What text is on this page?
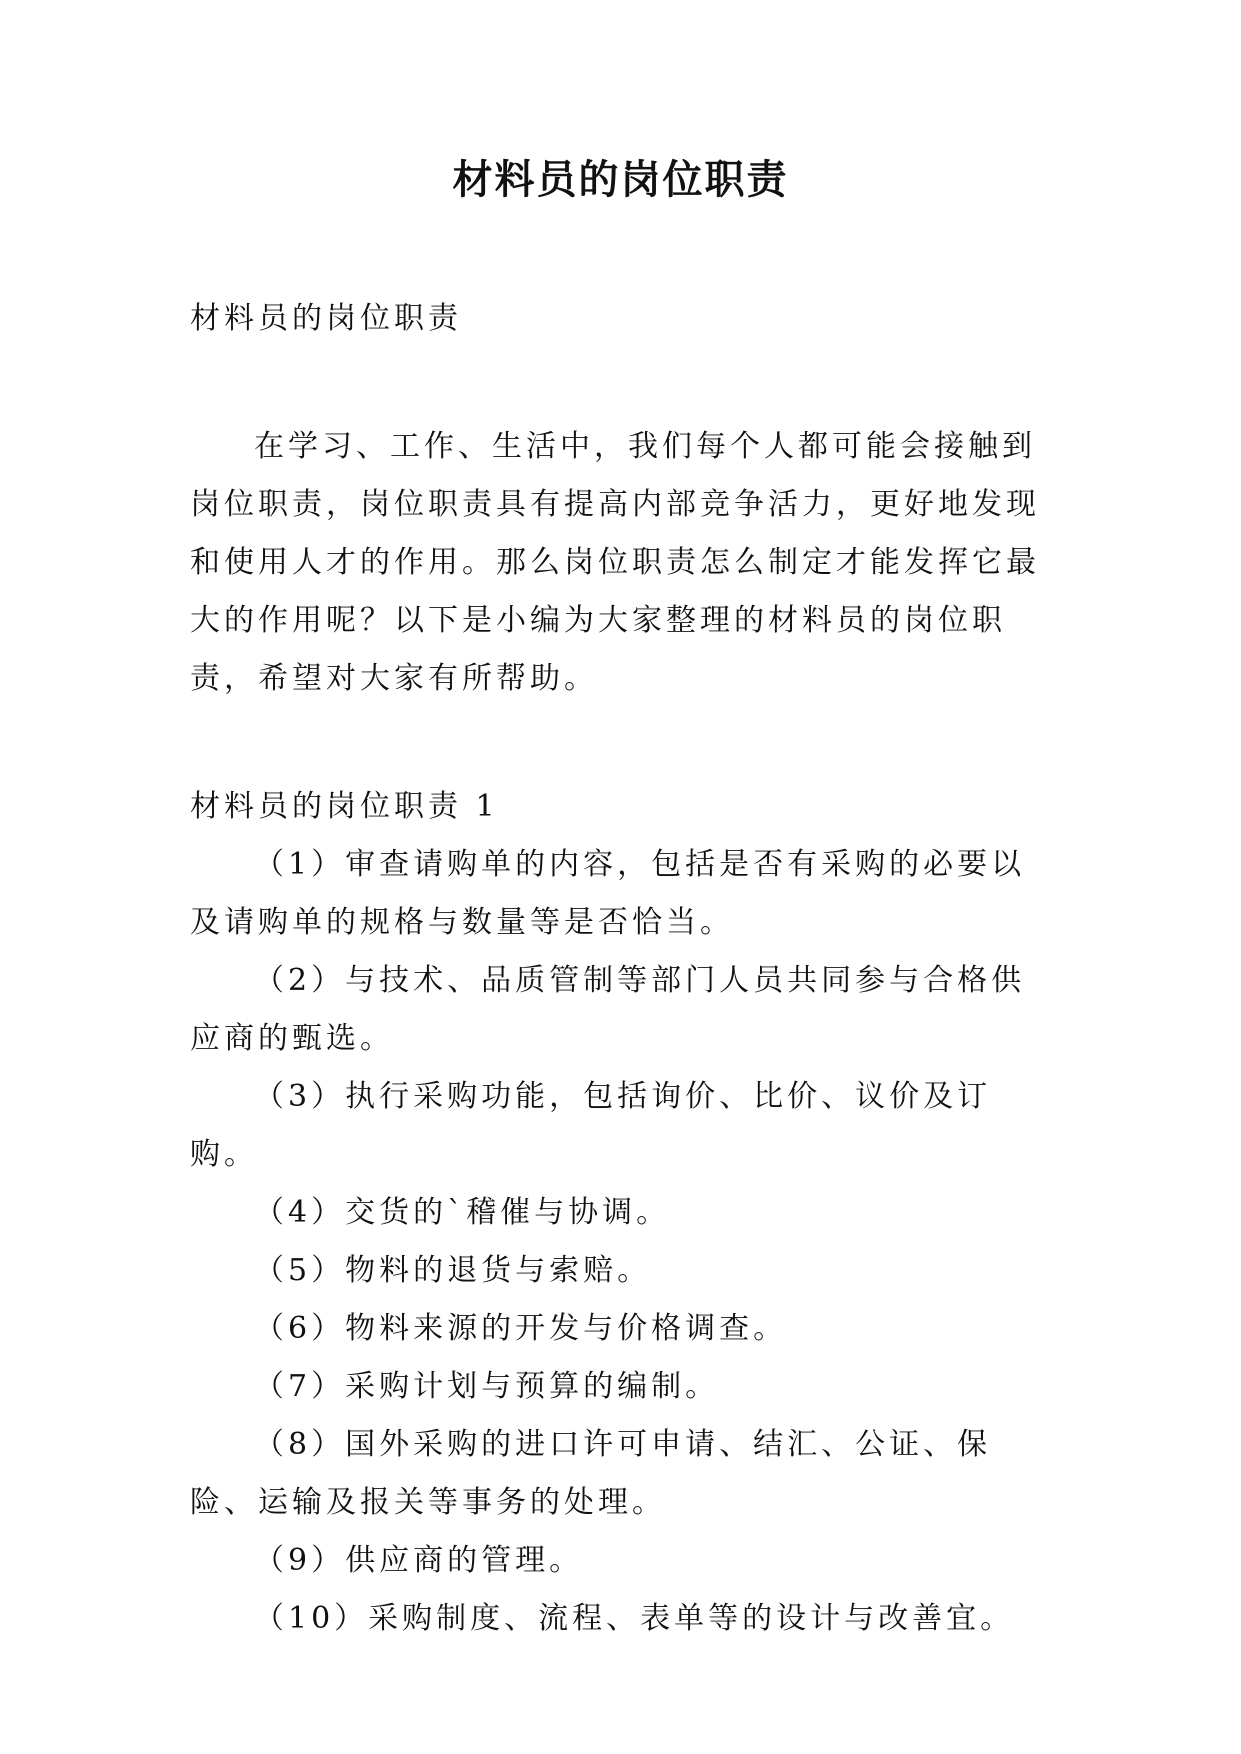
材料员的岗位职责

材料员的岗位职责

在学习、工作、生活中，我们每个人都可能会接触到岗位职责，岗位职责具有提高内部竞争活力，更好地发现和使用人才的作用。那么岗位职责怎么制定才能发挥它最大的作用呢？以下是小编为大家整理的材料员的岗位职责，希望对大家有所帮助。

材料员的岗位职责 1

（1）审查请购单的内容，包括是否有采购的必要以及请购单的规格与数量等是否恰当。

（2）与技术、品质管制等部门人员共同参与合格供应商的甄选。

（3）执行采购功能，包括询价、比价、议价及订购。

（4）交货的`稽催与协调。

（5）物料的退货与索赔。

（6）物料来源的开发与价格调查。

（7）采购计划与预算的编制。

（8）国外采购的进口许可申请、结汇、公证、保险、运输及报关等事务的处理。

（9）供应商的管理。

（10）采购制度、流程、表单等的设计与改善宜。
